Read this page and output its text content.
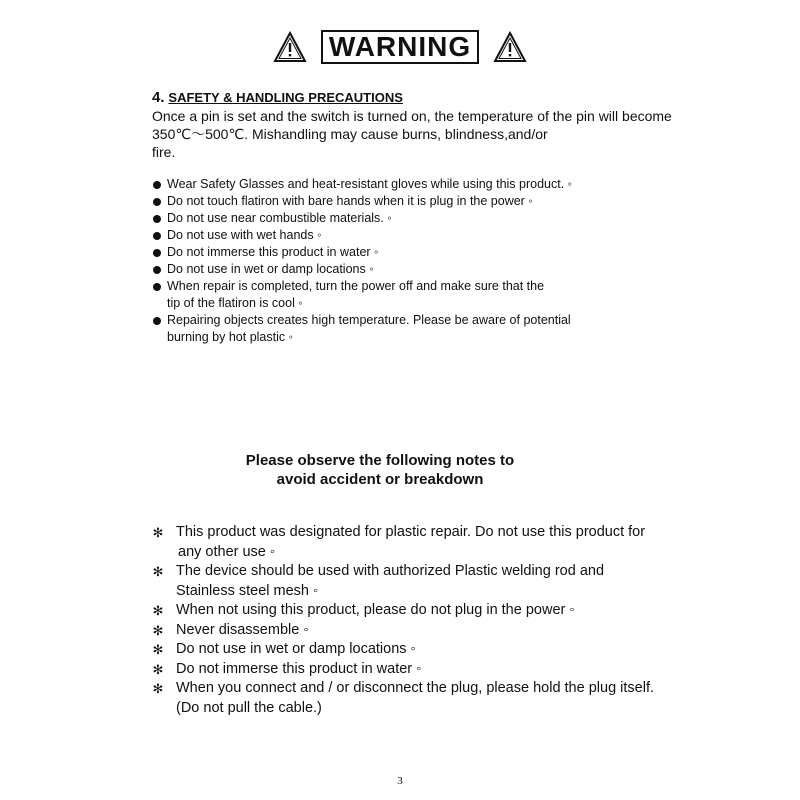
WARNING
4. SAFETY & HANDLING PRECAUTIONS

Once a pin is set and the switch is turned on, the temperature of the pin will become
350℃～500℃. Mishandling may cause burns, blindness,and/or
fire.

Wear Safety Glasses and heat-resistant gloves while using this product. ◦
Do not touch flatiron with bare hands when it is plug in the power ◦
Do not use near combustible materials. ◦
Do not use with wet hands ◦
Do not immerse this product in water ◦
Do not use in wet or damp locations ◦
When repair is completed, turn the power off and make sure that the
tip of the flatiron is cool ◦
Repairing objects creates high temperature. Please be aware of potential
burning by hot plastic ◦
Please observe the following notes to
avoid accident or breakdown
✻ This product was designated for plastic repair. Do not use this product for
any other use ◦
✻ The device should be used with authorized Plastic welding rod and
Stainless steel mesh ◦
✻ When not using this product, please do not plug in the power ◦
✻ Never disassemble ◦
✻ Do not use in wet or damp locations ◦
✻ Do not immerse this product in water ◦
✻ When you connect and / or disconnect the plug, please hold the plug itself.
(Do not pull the cable.)
3
